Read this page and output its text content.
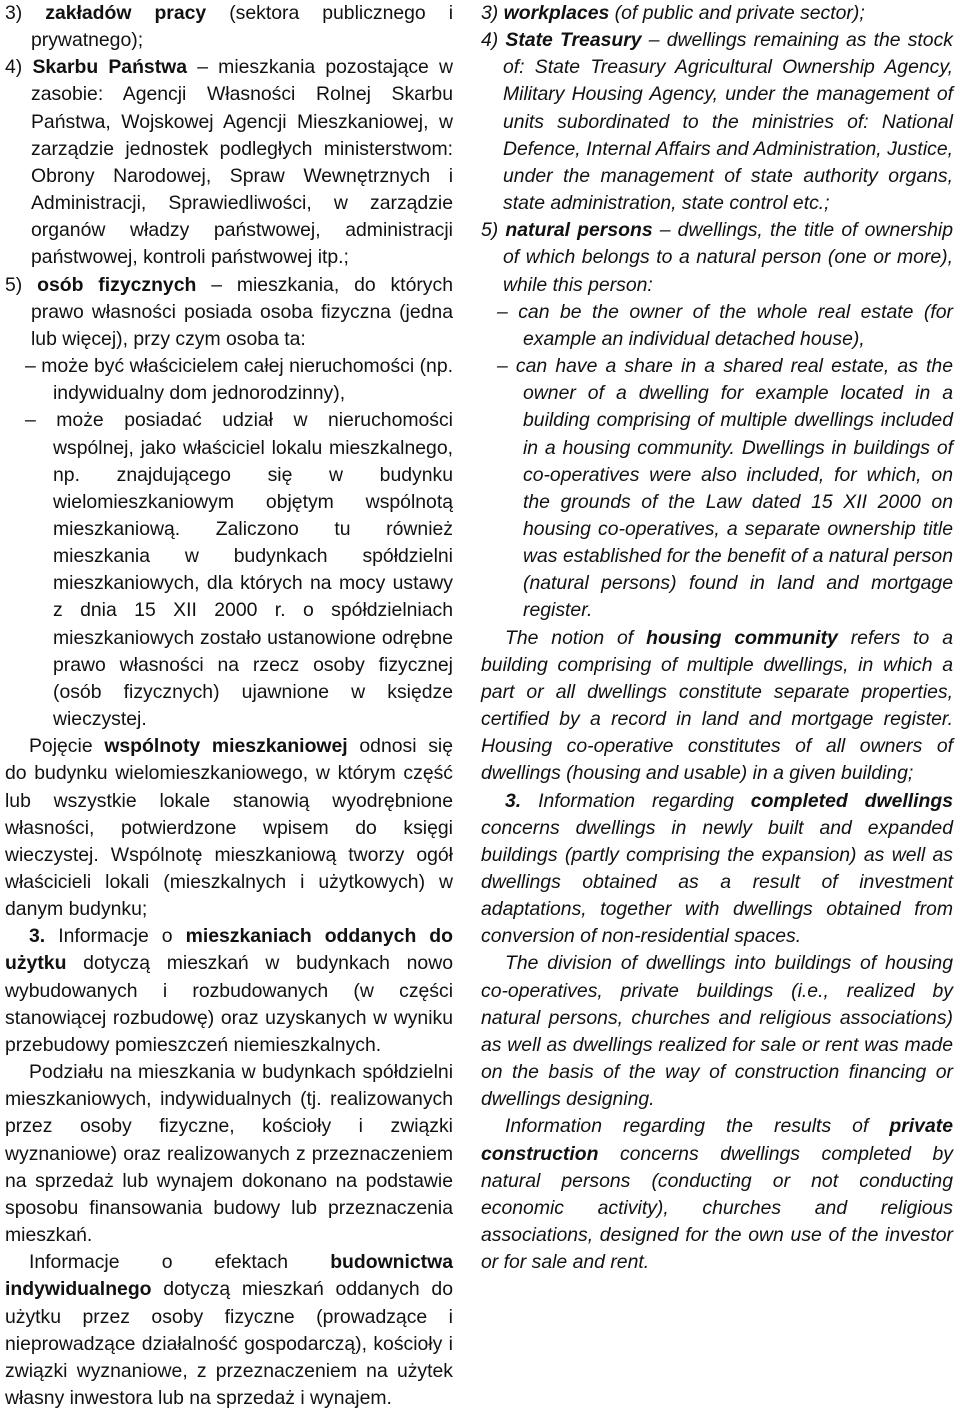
3) zakładów pracy (sektora publicznego i prywatnego);

4) Skarbu Państwa – mieszkania pozostające w zasobie: Agencji Własności Rolnej Skarbu Państwa, Wojskowej Agencji Mieszkaniowej, w zarządzie jednostek podległych ministerstwom: Obrony Narodowej, Spraw Wewnętrznych i Administracji, Sprawiedliwości, w zarządzie organów władzy państwowej, administracji państwowej, kontroli państwowej itp.;

5) osób fizycznych – mieszkania, do których prawo własności posiada osoba fizyczna (jedna lub więcej), przy czym osoba ta:

– może być właścicielem całej nieruchomości (np. indywidualny dom jednorodzinny),

– może posiadać udział w nieruchomości wspólnej, jako właściciel lokalu mieszkalnego, np. znajdującego się w budynku wielomieszkaniowym objętym wspólnotą mieszkaniową. Zaliczono tu również mieszkania w budynkach spółdzielni mieszkaniowych, dla których na mocy ustawy z dnia 15 XII 2000 r. o spółdzielniach mieszkaniowych zostało ustanowione odrębne prawo własności na rzecz osoby fizycznej (osób fizycznych) ujawnione w księdze wieczystej.

Pojęcie wspólnoty mieszkaniowej odnosi się do budynku wielomieszkaniowego, w którym część lub wszystkie lokale stanowią wyodrębnione własności, potwierdzone wpisem do księgi wieczystej. Wspólnotę mieszkaniową tworzy ogół właścicieli lokali (mieszkalnych i użytkowych) w danym budynku;

3. Informacje o mieszkaniach oddanych do użytku dotyczą mieszkań w budynkach nowo wybudowanych i rozbudowanych (w części stanowiącej rozbudowę) oraz uzyskanych w wyniku przebudowy pomieszczeń niemieszkalnych.

Podziału na mieszkania w budynkach spółdzielni mieszkaniowych, indywidualnych (tj. realizowanych przez osoby fizyczne, kościoły i związki wyznaniowe) oraz realizowanych z przeznaczeniem na sprzedaż lub wynajem dokonano na podstawie sposobu finansowania budowy lub przeznaczenia mieszkań.

Informacje o efektach budownictwa indywidualnego dotyczą mieszkań oddanych do użytku przez osoby fizyczne (prowadzące i nieprowadzące działalność gospodarczą), kościoły i związki wyznaniowe, z przeznaczeniem na użytek własny inwestora lub na sprzedaż i wynajem.

3) workplaces (of public and private sector);

4) State Treasury – dwellings remaining as the stock of: State Treasury Agricultural Ownership Agency, Military Housing Agency, under the management of units subordinated to the ministries of: National Defence, Internal Affairs and Administration, Justice, under the management of state authority organs, state administration, state control etc.;

5) natural persons – dwellings, the title of ownership of which belongs to a natural person (one or more), while this person:

– can be the owner of the whole real estate (for example an individual detached house),

– can have a share in a shared real estate, as the owner of a dwelling for example located in a building comprising of multiple dwellings included in a housing community. Dwellings in buildings of co-operatives were also included, for which, on the grounds of the Law dated 15 XII 2000 on housing co-operatives, a separate ownership title was established for the benefit of a natural person (natural persons) found in land and mortgage register.

The notion of housing community refers to a building comprising of multiple dwellings, in which a part or all dwellings constitute separate properties, certified by a record in land and mortgage register. Housing co-operative constitutes of all owners of dwellings (housing and usable) in a given building;

3. Information regarding completed dwellings concerns dwellings in newly built and expanded buildings (partly comprising the expansion) as well as dwellings obtained as a result of investment adaptations, together with dwellings obtained from conversion of non-residential spaces.

The division of dwellings into buildings of housing co-operatives, private buildings (i.e., realized by natural persons, churches and religious associations) as well as dwellings realized for sale or rent was made on the basis of the way of construction financing or dwellings designing.

Information regarding the results of private construction concerns dwellings completed by natural persons (conducting or not conducting economic activity), churches and religious associations, designed for the own use of the investor or for sale and rent.
